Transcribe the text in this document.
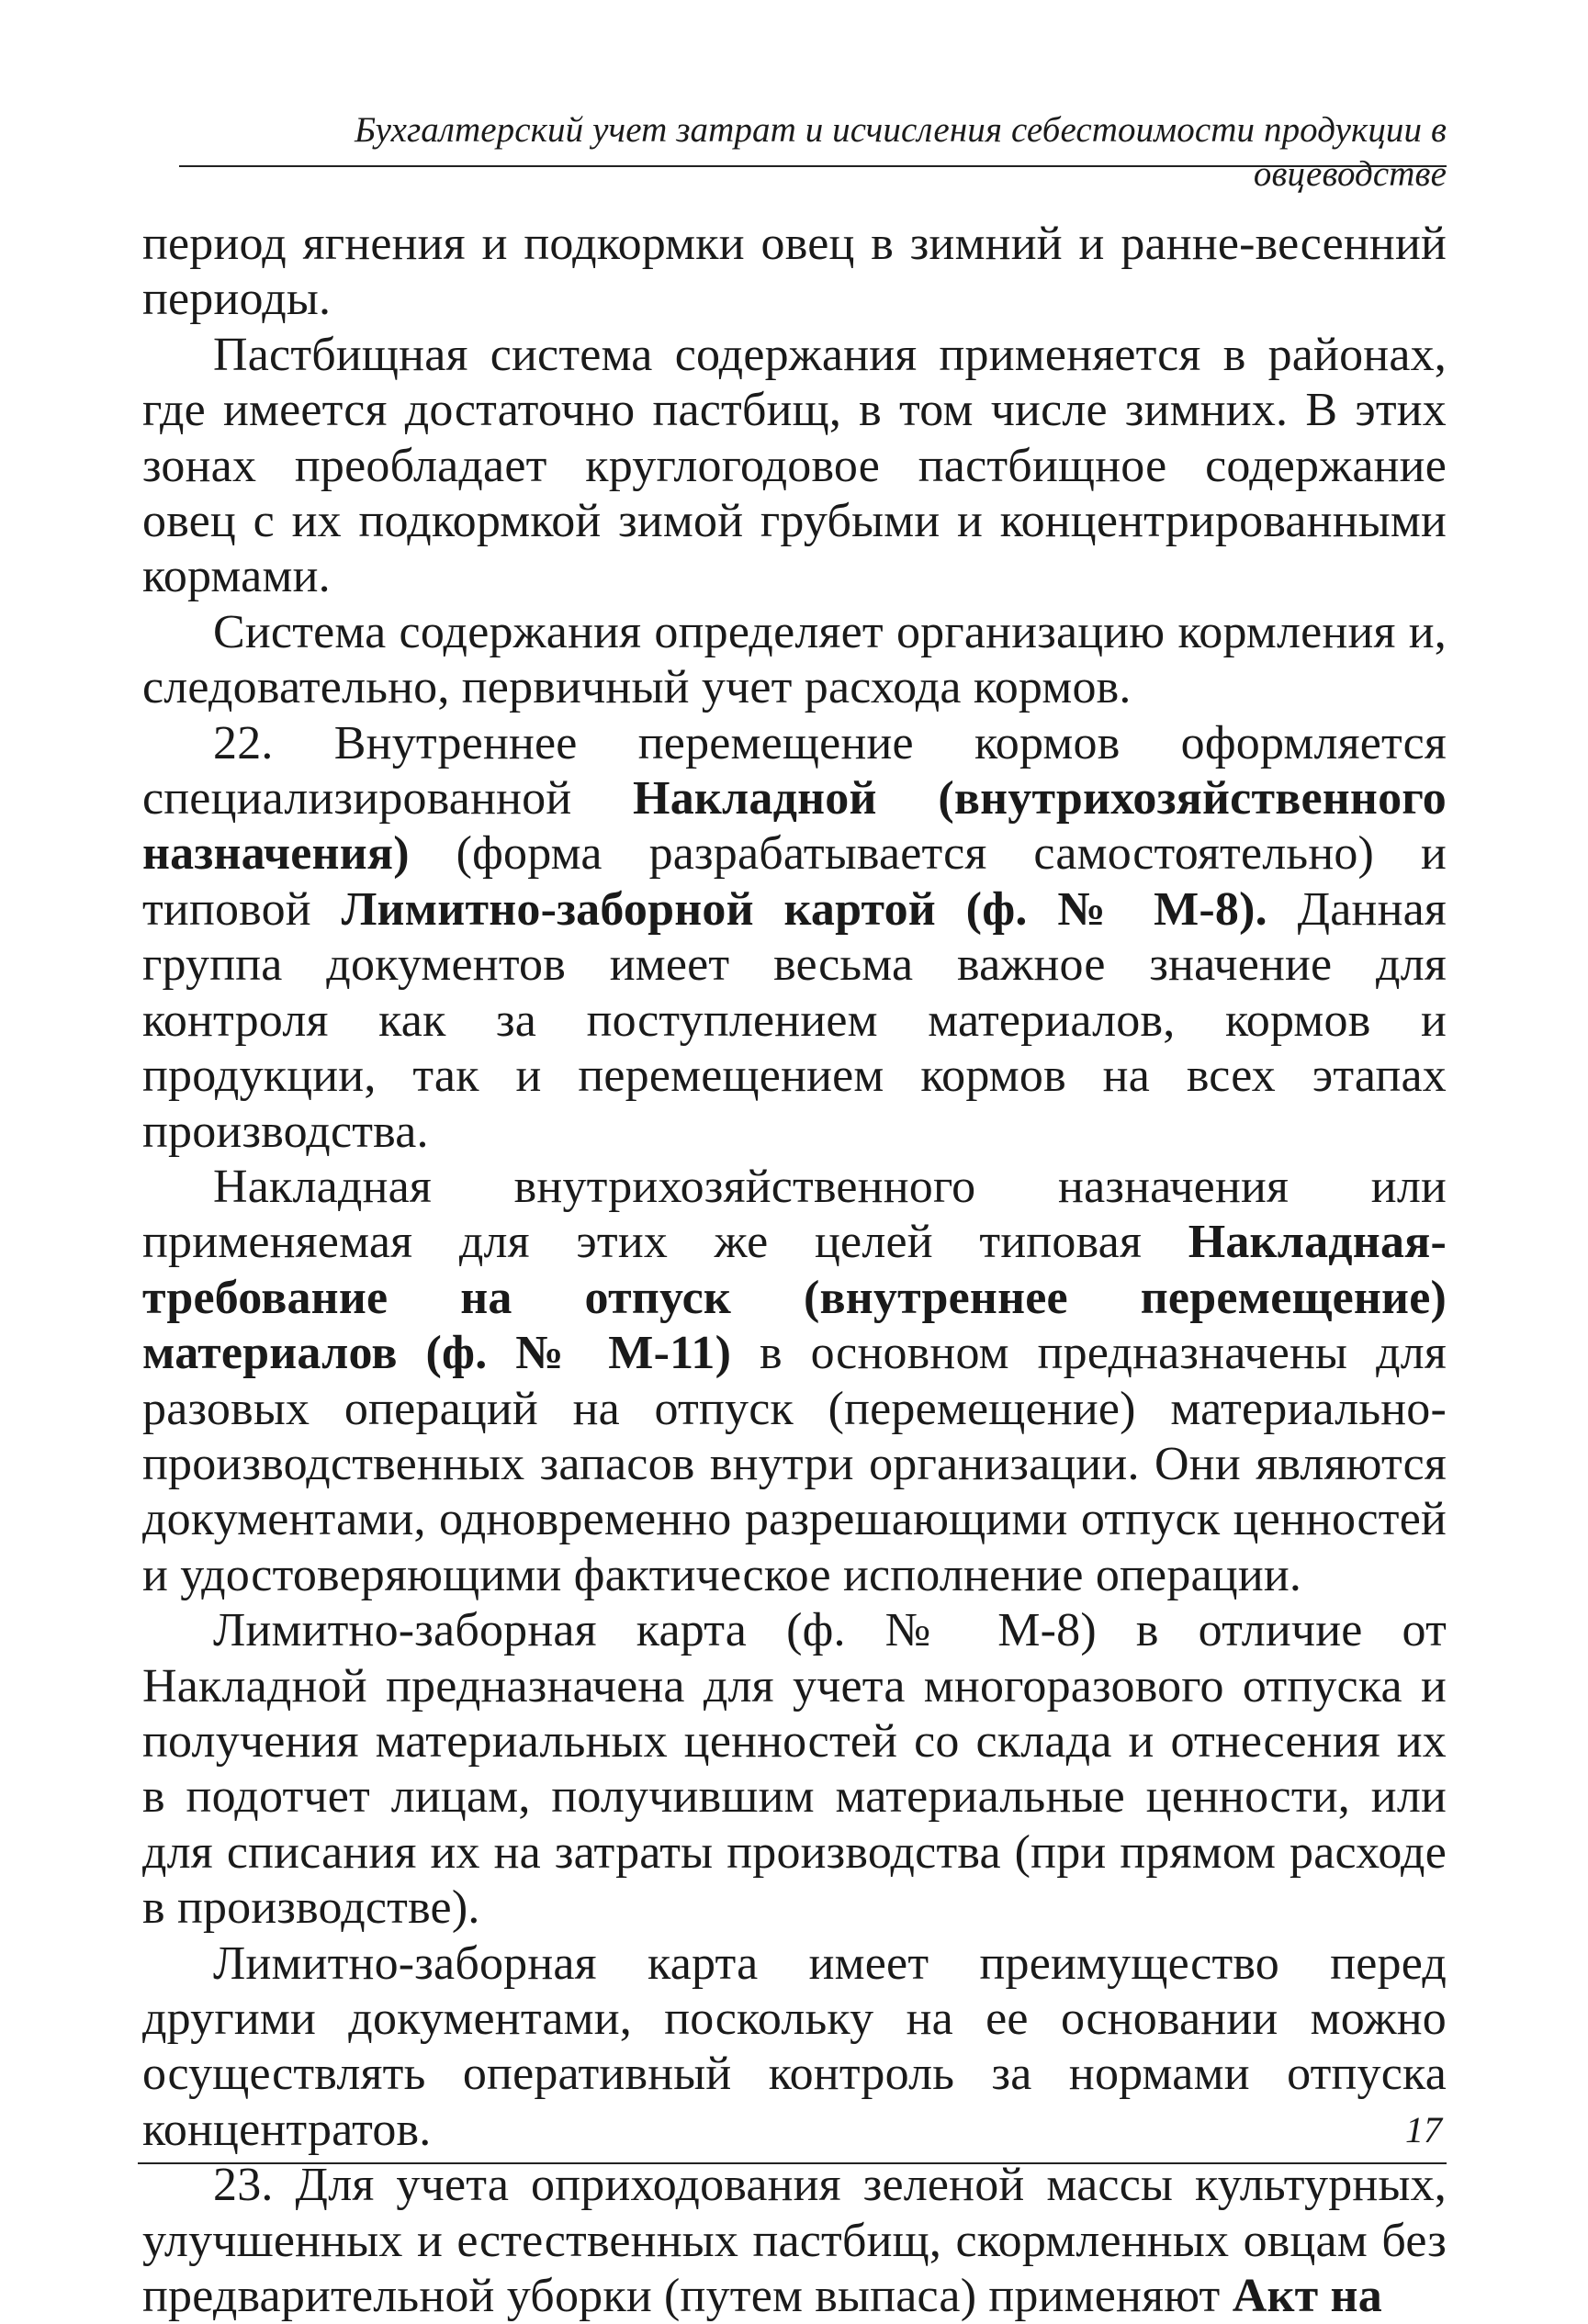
Бухгалтерский учет затрат и исчисления себестоимости продукции в овцеводстве

период ягнения и подкормки овец в зимний и ранне-весенний периоды.

Пастбищная система содержания применяется в районах, где имеется достаточно пастбищ, в том числе зимних. В этих зонах преобладает круглогодовое пастбищное содержание овец с их подкормкой зимой грубыми и концентрированными кормами.

Система содержания определяет организацию кормления и, следовательно, первичный учет расхода кормов.

22. Внутреннее перемещение кормов оформляется специализированной Накладной (внутрихозяйственного назначения) (форма разрабатывается самостоятельно) и типовой Лимитно-заборной картой (ф. № М-8). Данная группа документов имеет весьма важное значение для контроля как за поступлением материалов, кормов и продукции, так и перемещением кормов на всех этапах производства.

Накладная внутрихозяйственного назначения или применяемая для этих же целей типовая Накладная-требование на отпуск (внутреннее перемещение) материалов (ф. № М-11) в основном предназначены для разовых операций на отпуск (перемещение) материально-производственных запасов внутри организации. Они являются документами, одновременно разрешающими отпуск ценностей и удостоверяющими фактическое исполнение операции.

Лимитно-заборная карта (ф. № М-8) в отличие от Накладной предназначена для учета многоразового отпуска и получения материальных ценностей со склада и отнесения их в подотчет лицам, получившим материальные ценности, или для списания их на затраты производства (при прямом расходе в производстве).

Лимитно-заборная карта имеет преимущество перед другими документами, поскольку на ее основании можно осуществлять оперативный контроль за нормами отпуска концентратов.

23. Для учета оприходования зеленой массы культурных, улучшенных и естественных пастбищ, скормленных овцам без предварительной уборки (путем выпаса) применяют Акт на

17
